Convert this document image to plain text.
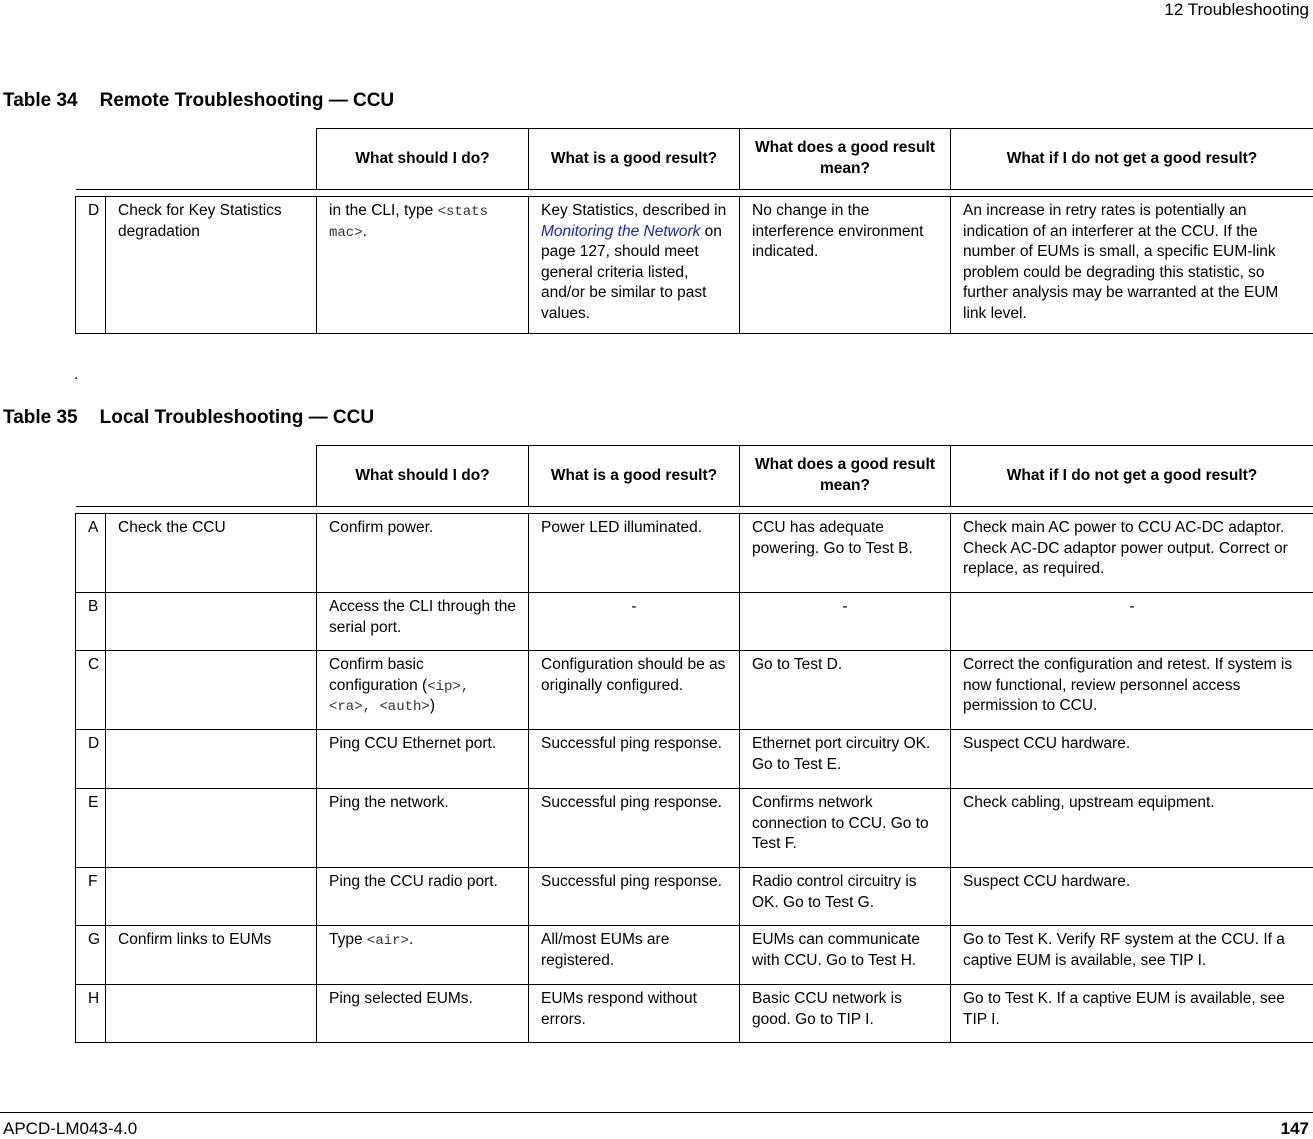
12 Troubleshooting
Table 34 Remote Troubleshooting — CCU
		What should I do?	What is a good result?	What does a good result mean?	What if I do not get a good result?

D	Check for Key Statistics degradation	in the CLI, type <stats mac>.	Key Statistics, described in Monitoring the Network on page 127, should meet general criteria listed, and/or be similar to past values.	No change in the interference environment indicated.	An increase in retry rates is potentially an indication of an interferer at the CCU. If the number of EUMs is small, a specific EUM-link problem could be degrading this statistic, so further analysis may be warranted at the EUM link level.
.
Table 35 Local Troubleshooting — CCU
		What should I do?	What is a good result?	What does a good result mean?	What if I do not get a good result?

A	Check the CCU	Confirm power.	Power LED illuminated.	CCU has adequate powering. Go to Test B.	Check main AC power to CCU AC-DC adaptor. Check AC-DC adaptor power output. Correct or replace, as required.
B		Access the CLI through the serial port.	-	-	-
C		Confirm basic configuration (<ip>, <ra>, <auth>)	Configuration should be as originally configured.	Go to Test D.	Correct the configuration and retest. If system is now functional, review personnel access permission to CCU.
D		Ping CCU Ethernet port.	Successful ping response.	Ethernet port circuitry OK. Go to Test E.	Suspect CCU hardware.
E		Ping the network.	Successful ping response.	Confirms network connection to CCU. Go to Test F.	Check cabling, upstream equipment.
F		Ping the CCU radio port.	Successful ping response.	Radio control circuitry is OK. Go to Test G.	Suspect CCU hardware.
G	Confirm links to EUMs	Type <air>.	All/most EUMs are registered.	EUMs can communicate with CCU. Go to Test H.	Go to Test K. Verify RF system at the CCU. If a captive EUM is available, see TIP I.
H		Ping selected EUMs.	EUMs respond without errors.	Basic CCU network is good. Go to TIP I.	Go to Test K. If a captive EUM is available, see TIP I.
APCD-LM043-4.0	147
